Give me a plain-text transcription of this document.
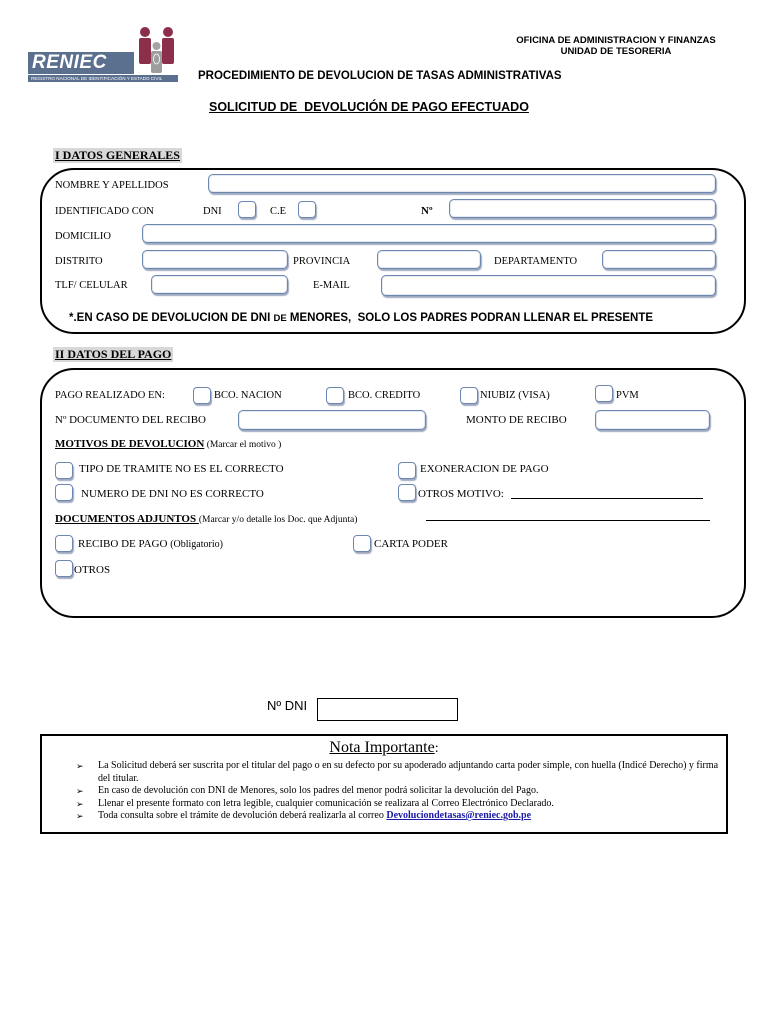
RENIEC
REGISTRO NACIONAL DE IDENTIFICACIÓN Y ESTADO CIVIL
OFICINA DE ADMINISTRACION Y FINANZAS
UNIDAD DE TESORERIA
PROCEDIMIENTO DE DEVOLUCION DE TASAS ADMINISTRATIVAS
SOLICITUD DE  DEVOLUCIÓN DE PAGO EFECTUADO
I DATOS GENERALES
NOMBRE Y APELLIDOS
IDENTIFICADO CON	DNI	C.E	Nº
DOMICILIO
DISTRITO	PROVINCIA	DEPARTAMENTO
TLF/ CELULAR	E-MAIL
*.EN CASO DE DEVOLUCION DE DNI DE MENORES,  SOLO LOS PADRES PODRAN LLENAR EL PRESENTE
II DATOS DEL PAGO
PAGO REALIZADO EN:	BCO. NACION	BCO. CREDITO	NIUBIZ (VISA)	PVM
Nº DOCUMENTO DEL RECIBO	MONTO DE RECIBO
MOTIVOS DE DEVOLUCION (Marcar el motivo )
TIPO DE TRAMITE NO ES EL CORRECTO	EXONERACION DE PAGO
NUMERO DE DNI NO ES CORRECTO	OTROS MOTIVO:
DOCUMENTOS ADJUNTOS (Marcar y/o detalle los Doc. que Adjunta)
RECIBO DE PAGO (Obligatorio)	CARTA PODER
OTROS
Nº DNI
Nota Importante:
➢ La Solicitud deberá ser suscrita por el titular del pago o en su defecto por su apoderado adjuntando carta poder simple, con huella (Indicé Derecho) y firma del titular.
➢ En caso de devolución con DNI de Menores, solo los padres del menor podrá solicitar la devolución del Pago.
➢ Llenar el presente formato con letra legible, cualquier comunicación se realizara al Correo Electrónico Declarado.
➢ Toda consulta sobre el trámite de devolución deberá realizarla al correo Devoluciondetasas@reniec.gob.pe
